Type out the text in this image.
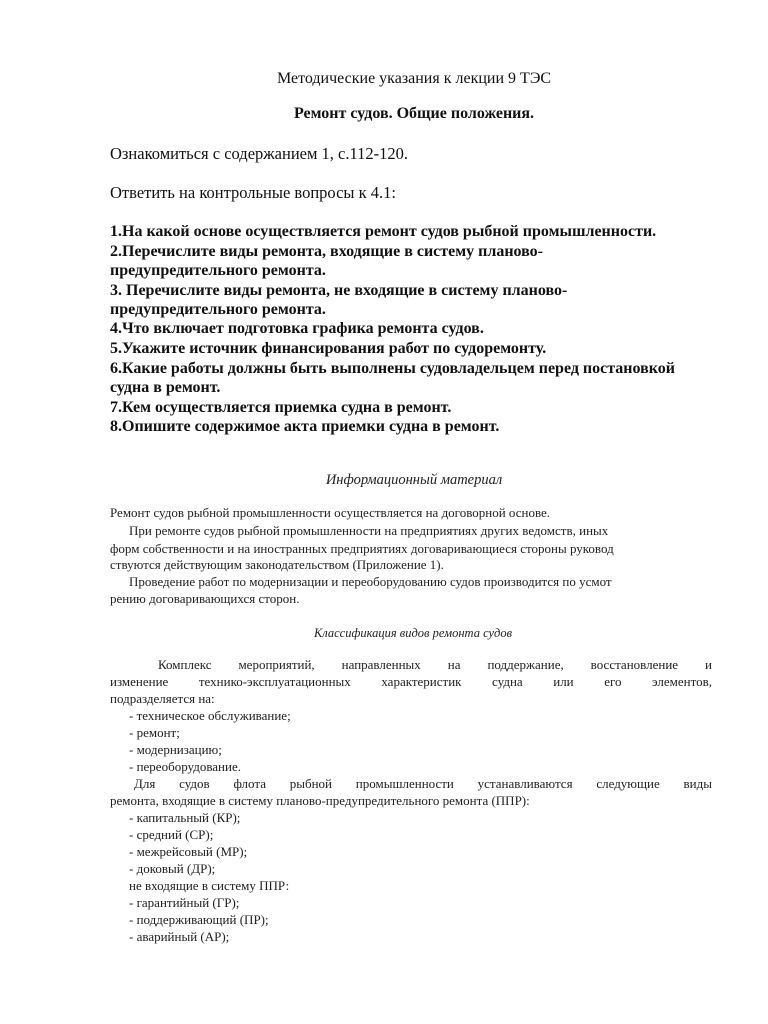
Методические указания к лекции 9 ТЭС
Ремонт судов. Общие положения.
Ознакомиться с содержанием 1, с.112-120.
Ответить на контрольные вопросы к 4.1:
1.На какой основе осуществляется ремонт судов рыбной промышленности.
2.Перечислите виды ремонта, входящие в систему планово-
предупредительного ремонта.
3. Перечислите виды ремонта, не входящие в систему планово-
предупредительного ремонта.
4.Что включает подготовка графика ремонта судов.
5.Укажите источник финансирования работ по судоремонту.
6.Какие работы должны быть выполнены судовладельцем перед постановкой
судна в ремонт.
7.Кем осуществляется приемка судна в ремонт.
8.Опишите содержимое акта приемки судна в ремонт.
Информационный материал
Ремонт судов рыбной промышленности осуществляется на договорной основе.
При ремонте судов рыбной промышленности на предприятиях других ведомств, иных
форм собственности и на иностранных предприятиях договаривающиеся стороны руковод
ствуются действующим законодательством (Приложение 1).
Проведение работ по модернизации и переоборудованию судов производится по усмот
рению договаривающихся сторон.
Классификация видов ремонта судов
Комплекс мероприятий, направленных на поддержание, восстановление и
изменение технико-эксплуатационных характеристик судна или его элементов,
подразделяется на:
- техническое обслуживание;
- ремонт;
- модернизацию;
- переоборудование.
Для судов флота рыбной промышленности устанавливаются следующие виды
ремонта, входящие в систему планово-предупредительного ремонта (ППР):
- капитальный (КР);
- средний (СР);
- межрейсовый (МР);
- доковый (ДР);
не входящие в систему ППР:
- гарантийный (ГР);
- поддерживающий (ПР);
- аварийный (АР);
